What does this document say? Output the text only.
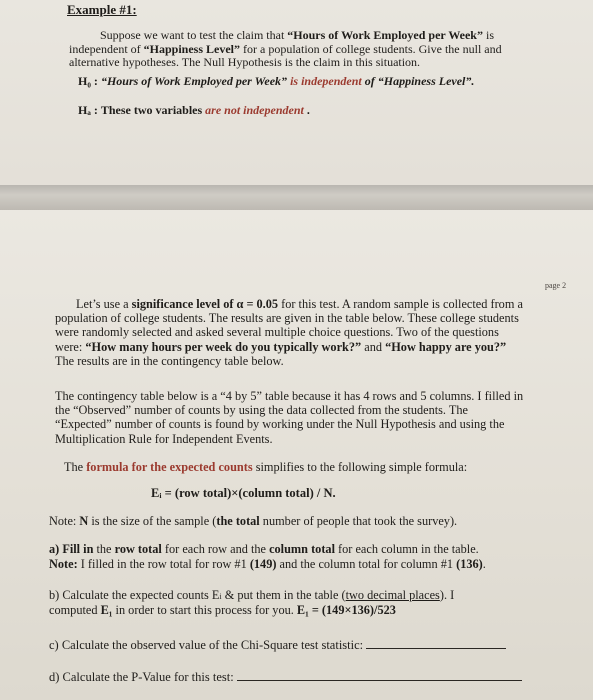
Example #1:
Suppose we want to test the claim that “Hours of Work Employed per Week” is independent of “Happiness Level” for a population of college students. Give the null and alternative hypotheses. The Null Hypothesis is the claim in this situation.
H₀ : “Hours of Work Employed per Week” is independent of “Happiness Level”.
Hₐ : These two variables are not independent .
page 2
Let’s use a significance level of α = 0.05 for this test. A random sample is collected from a population of college students. The results are given in the table below. These college students were randomly selected and asked several multiple choice questions. Two of the questions were: “How many hours per week do you typically work?” and “How happy are you?” The results are in the contingency table below.
The contingency table below is a “4 by 5” table because it has 4 rows and 5 columns. I filled in the “Observed” number of counts by using the data collected from the students. The “Expected” number of counts is found by working under the Null Hypothesis and using the Multiplication Rule for Independent Events.
The formula for the expected counts simplifies to the following simple formula:
Eᵢ = (row total)×(column total) / N.
Note: N is the size of the sample (the total number of people that took the survey).
a) Fill in the row total for each row and the column total for each column in the table.
Note: I filled in the row total for row #1 (149) and the column total for column #1 (136).
b) Calculate the expected counts Ei & put them in the table (two decimal places). I
computed E₁ in order to start this process for you. E₁ = (149×136)/523
c) Calculate the observed value of the Chi-Square test statistic:
d) Calculate the P-Value for this test:
